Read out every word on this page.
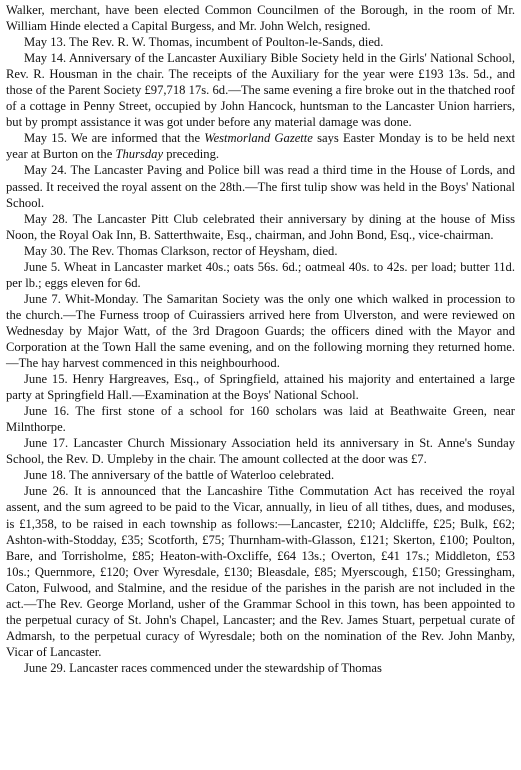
Walker, merchant, have been elected Common Councilmen of the Borough, in the room of Mr. William Hinde elected a Capital Burgess, and Mr. John Welch, resigned.

May 13. The Rev. R. W. Thomas, incumbent of Poulton-le-Sands, died.

May 14. Anniversary of the Lancaster Auxiliary Bible Society held in the Girls' National School, Rev. R. Housman in the chair. The receipts of the Auxiliary for the year were £193 13s. 5d., and those of the Parent Society £97,718 17s. 6d.—The same evening a fire broke out in the thatched roof of a cottage in Penny Street, occupied by John Hancock, huntsman to the Lancaster Union harriers, but by prompt assistance it was got under before any material damage was done.

May 15. We are informed that the Westmorland Gazette says Easter Monday is to be held next year at Burton on the Thursday preceding.

May 24. The Lancaster Paving and Police bill was read a third time in the House of Lords, and passed. It received the royal assent on the 28th.—The first tulip show was held in the Boys' National School.

May 28. The Lancaster Pitt Club celebrated their anniversary by dining at the house of Miss Noon, the Royal Oak Inn, B. Satterthwaite, Esq., chairman, and John Bond, Esq., vice-chairman.

May 30. The Rev. Thomas Clarkson, rector of Heysham, died.

June 5. Wheat in Lancaster market 40s.; oats 56s. 6d.; oatmeal 40s. to 42s. per load; butter 11d. per lb.; eggs eleven for 6d.

June 7. Whit-Monday. The Samaritan Society was the only one which walked in procession to the church.—The Furness troop of Cuirassiers arrived here from Ulverston, and were reviewed on Wednesday by Major Watt, of the 3rd Dragoon Guards; the officers dined with the Mayor and Corporation at the Town Hall the same evening, and on the following morning they returned home.—The hay harvest commenced in this neighbourhood.

June 15. Henry Hargreaves, Esq., of Springfield, attained his majority and entertained a large party at Springfield Hall.—Examination at the Boys' National School.

June 16. The first stone of a school for 160 scholars was laid at Beathwaite Green, near Milnthorpe.

June 17. Lancaster Church Missionary Association held its anniversary in St. Anne's Sunday School, the Rev. D. Umpleby in the chair. The amount collected at the door was £7.

June 18. The anniversary of the battle of Waterloo celebrated.

June 26. It is announced that the Lancashire Tithe Commutation Act has received the royal assent, and the sum agreed to be paid to the Vicar, annually, in lieu of all tithes, dues, and moduses, is £1,358, to be raised in each township as follows:—Lancaster, £210; Aldcliffe, £25; Bulk, £62; Ashton-with-Stodday, £35; Scotforth, £75; Thurnham-with-Glasson, £121; Skerton, £100; Poulton, Bare, and Torrisholme, £85; Heaton-with-Oxcliffe, £64 13s.; Overton, £41 17s.; Middleton, £53 10s.; Quernmore, £120; Over Wyresdale, £130; Bleasdale, £85; Myerscough, £150; Gressingham, Caton, Fulwood, and Stalmine, and the residue of the parishes in the parish are not included in the act.—The Rev. George Morland, usher of the Grammar School in this town, has been appointed to the perpetual curacy of St. John's Chapel, Lancaster; and the Rev. James Stuart, perpetual curate of Admarsh, to the perpetual curacy of Wyresdale; both on the nomination of the Rev. John Manby, Vicar of Lancaster.

June 29. Lancaster races commenced under the stewardship of Thomas
